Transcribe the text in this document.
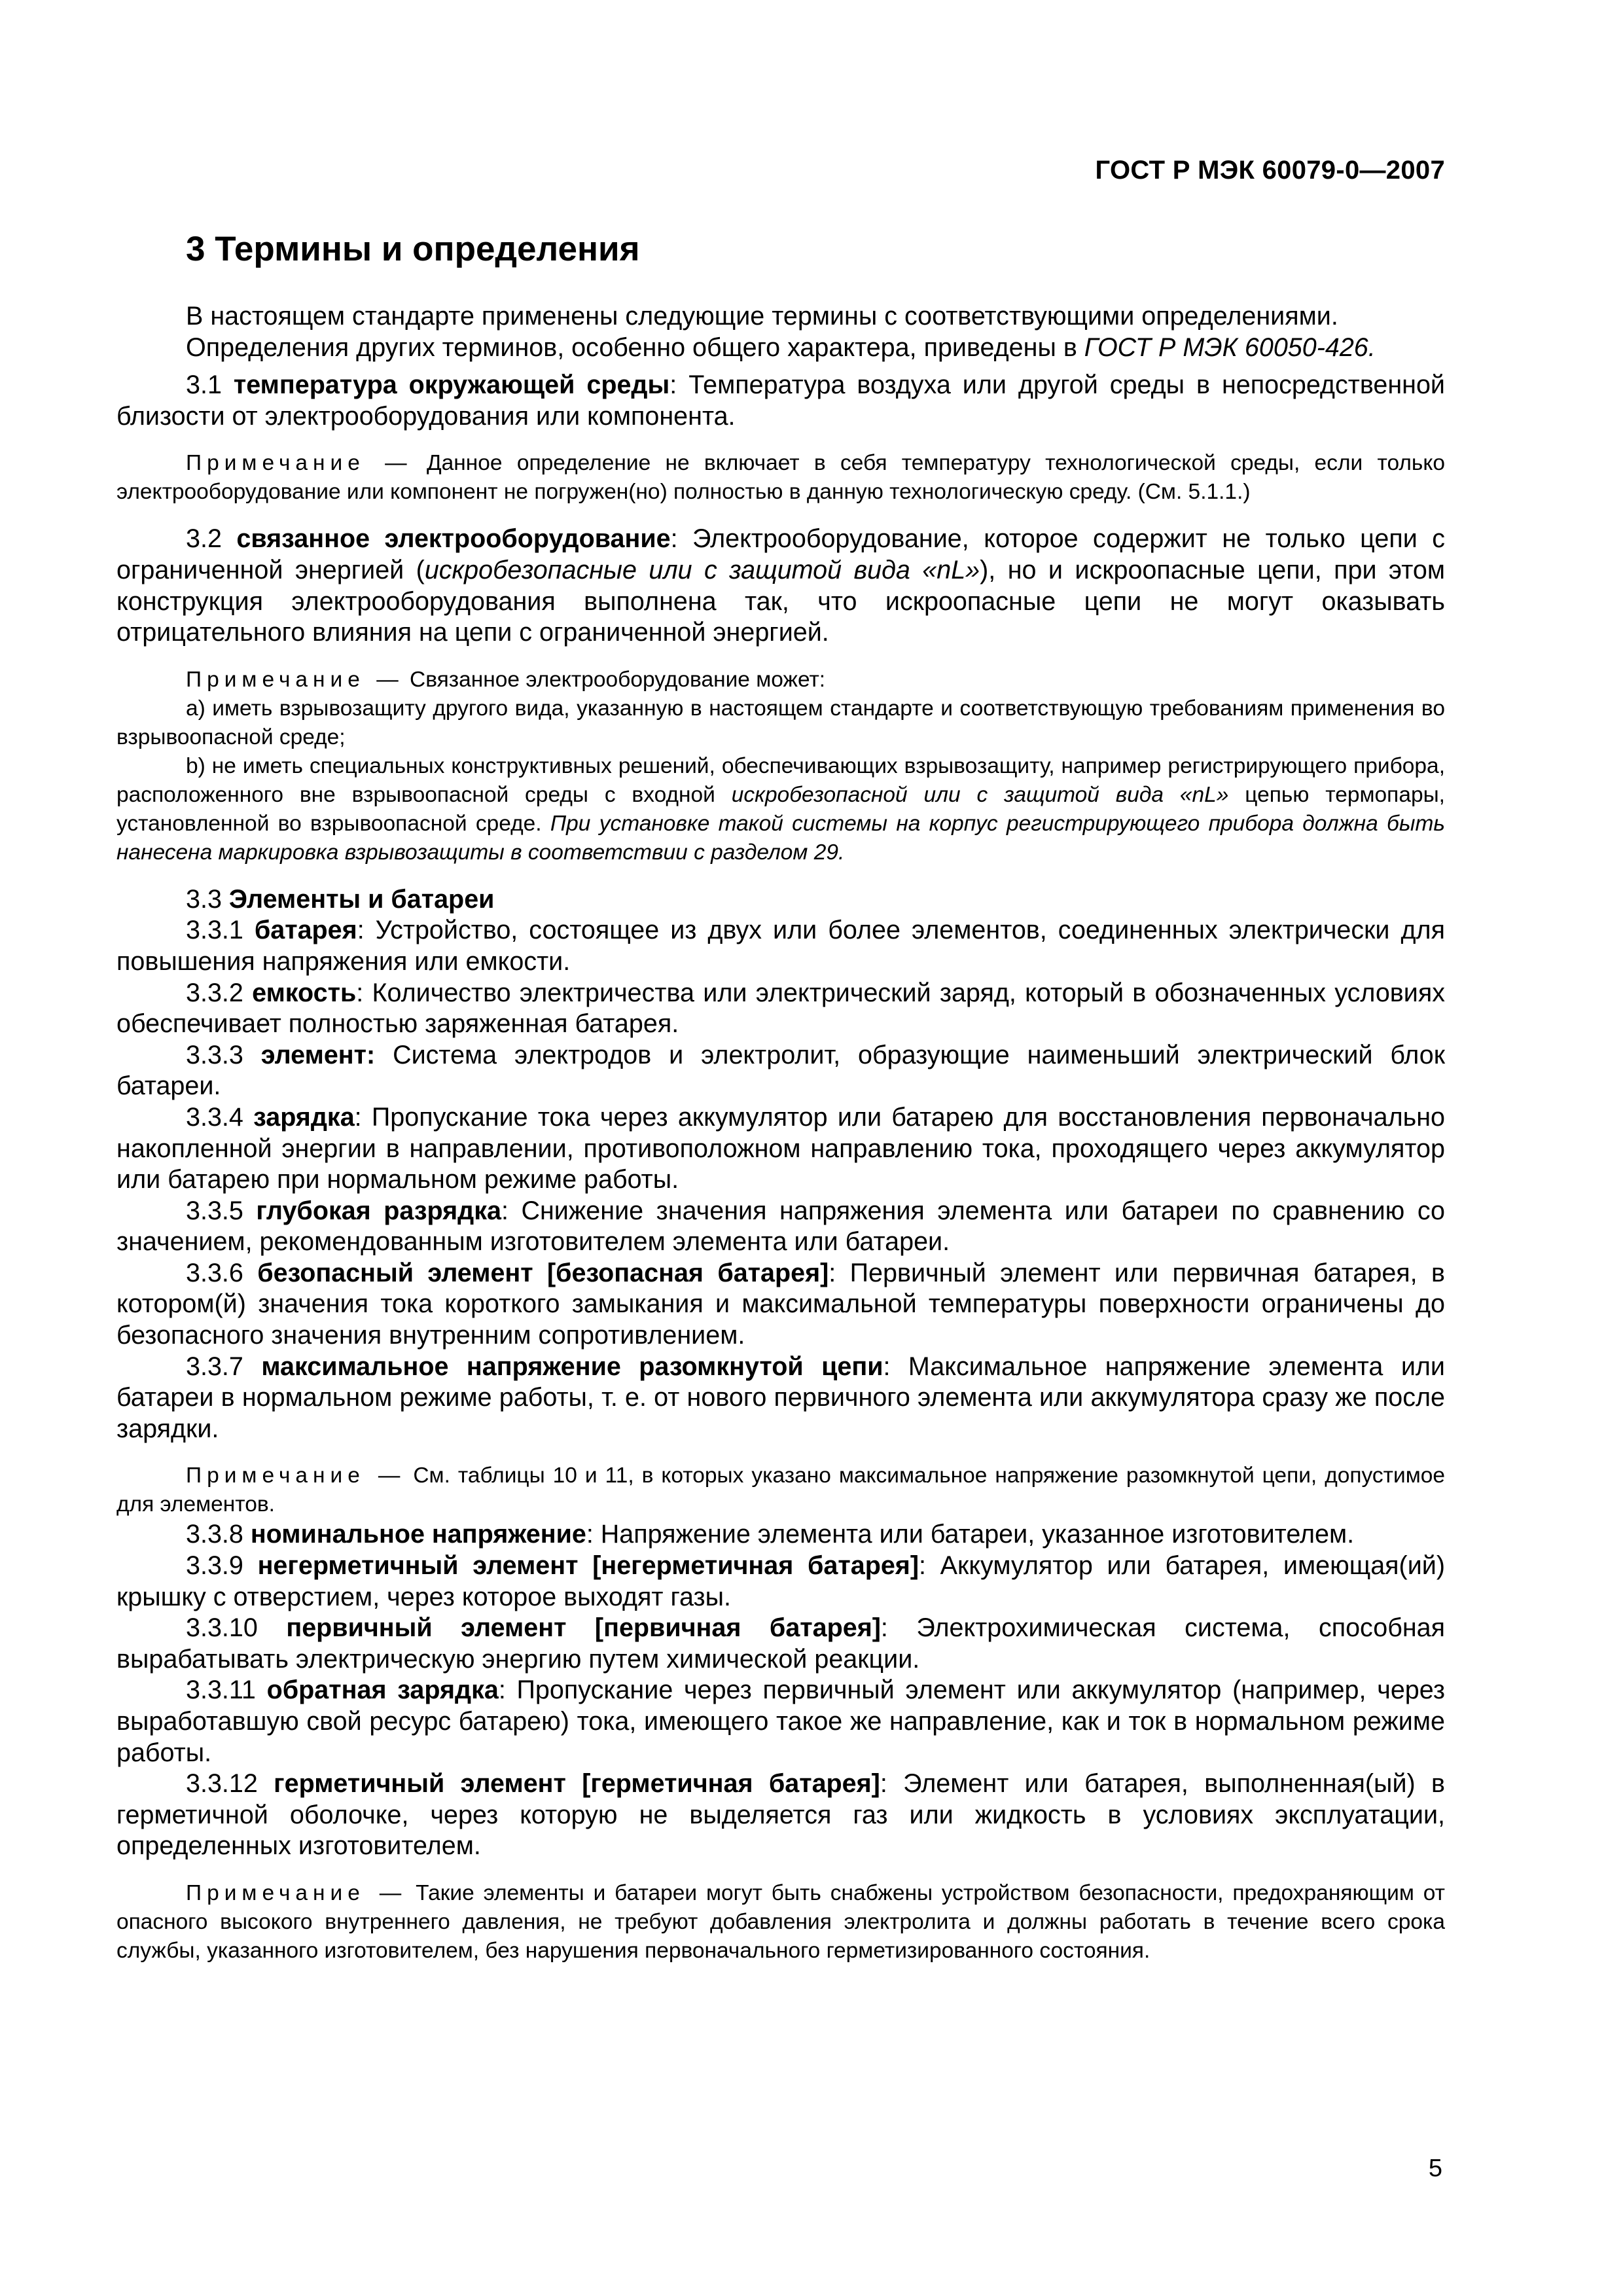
ГОСТ Р МЭК 60079-0—2007
3 Термины и определения

В настоящем стандарте применены следующие термины с соответствующими определениями.

Определения других терминов, особенно общего характера, приведены в ГОСТ Р МЭК 60050-426.

3.1 температура окружающей среды: Температура воздуха или другой среды в непосредственной близости от электрооборудования или компонента.

Примечание — Данное определение не включает в себя температуру технологической среды, если только электрооборудование или компонент не погружен(но) полностью в данную технологическую среду. (См. 5.1.1.)

3.2 связанное электрооборудование: Электрооборудование, которое содержит не только цепи с ограниченной энергией (искробезопасные или с защитой вида «nL»), но и искроопасные цепи, при этом конструкция электрооборудования выполнена так, что искроопасные цепи не могут оказывать отрицательного влияния на цепи с ограниченной энергией.

Примечание — Связанное электрооборудование может:

a) иметь взрывозащиту другого вида, указанную в настоящем стандарте и соответствующую требованиям применения во взрывоопасной среде;

b) не иметь специальных конструктивных решений, обеспечивающих взрывозащиту, например регистрирующего прибора, расположенного вне взрывоопасной среды с входной искробезопасной или с защитой вида «nL» цепью термопары, установленной во взрывоопасной среде. При установке такой системы на корпус регистрирующего прибора должна быть нанесена маркировка взрывозащиты в соответствии с разделом 29.

3.3 Элементы и батареи

3.3.1 батарея: Устройство, состоящее из двух или более элементов, соединенных электрически для повышения напряжения или емкости.

3.3.2 емкость: Количество электричества или электрический заряд, который в обозначенных условиях обеспечивает полностью заряженная батарея.

3.3.3 элемент: Система электродов и электролит, образующие наименьший электрический блок батареи.

3.3.4 зарядка: Пропускание тока через аккумулятор или батарею для восстановления первоначально накопленной энергии в направлении, противоположном направлению тока, проходящего через аккумулятор или батарею при нормальном режиме работы.

3.3.5 глубокая разрядка: Снижение значения напряжения элемента или батареи по сравнению со значением, рекомендованным изготовителем элемента или батареи.

3.3.6 безопасный элемент [безопасная батарея]: Первичный элемент или первичная батарея, в котором(й) значения тока короткого замыкания и максимальной температуры поверхности ограничены до безопасного значения внутренним сопротивлением.

3.3.7 максимальное напряжение разомкнутой цепи: Максимальное напряжение элемента или батареи в нормальном режиме работы, т. е. от нового первичного элемента или аккумулятора сразу же после зарядки.

Примечание — См. таблицы 10 и 11, в которых указано максимальное напряжение разомкнутой цепи, допустимое для элементов.

3.3.8 номинальное напряжение: Напряжение элемента или батареи, указанное изготовителем.

3.3.9 негерметичный элемент [негерметичная батарея]: Аккумулятор или батарея, имеющая(ий) крышку с отверстием, через которое выходят газы.

3.3.10 первичный элемент [первичная батарея]: Электрохимическая система, способная вырабатывать электрическую энергию путем химической реакции.

3.3.11 обратная зарядка: Пропускание через первичный элемент или аккумулятор (например, через выработавшую свой ресурс батарею) тока, имеющего такое же направление, как и ток в нормальном режиме работы.

3.3.12 герметичный элемент [герметичная батарея]: Элемент или батарея, выполненная(ый) в герметичной оболочке, через которую не выделяется газ или жидкость в условиях эксплуатации, определенных изготовителем.

Примечание — Такие элементы и батареи могут быть снабжены устройством безопасности, предохраняющим от опасного высокого внутреннего давления, не требуют добавления электролита и должны работать в течение всего срока службы, указанного изготовителем, без нарушения первоначального герметизированного состояния.

5
